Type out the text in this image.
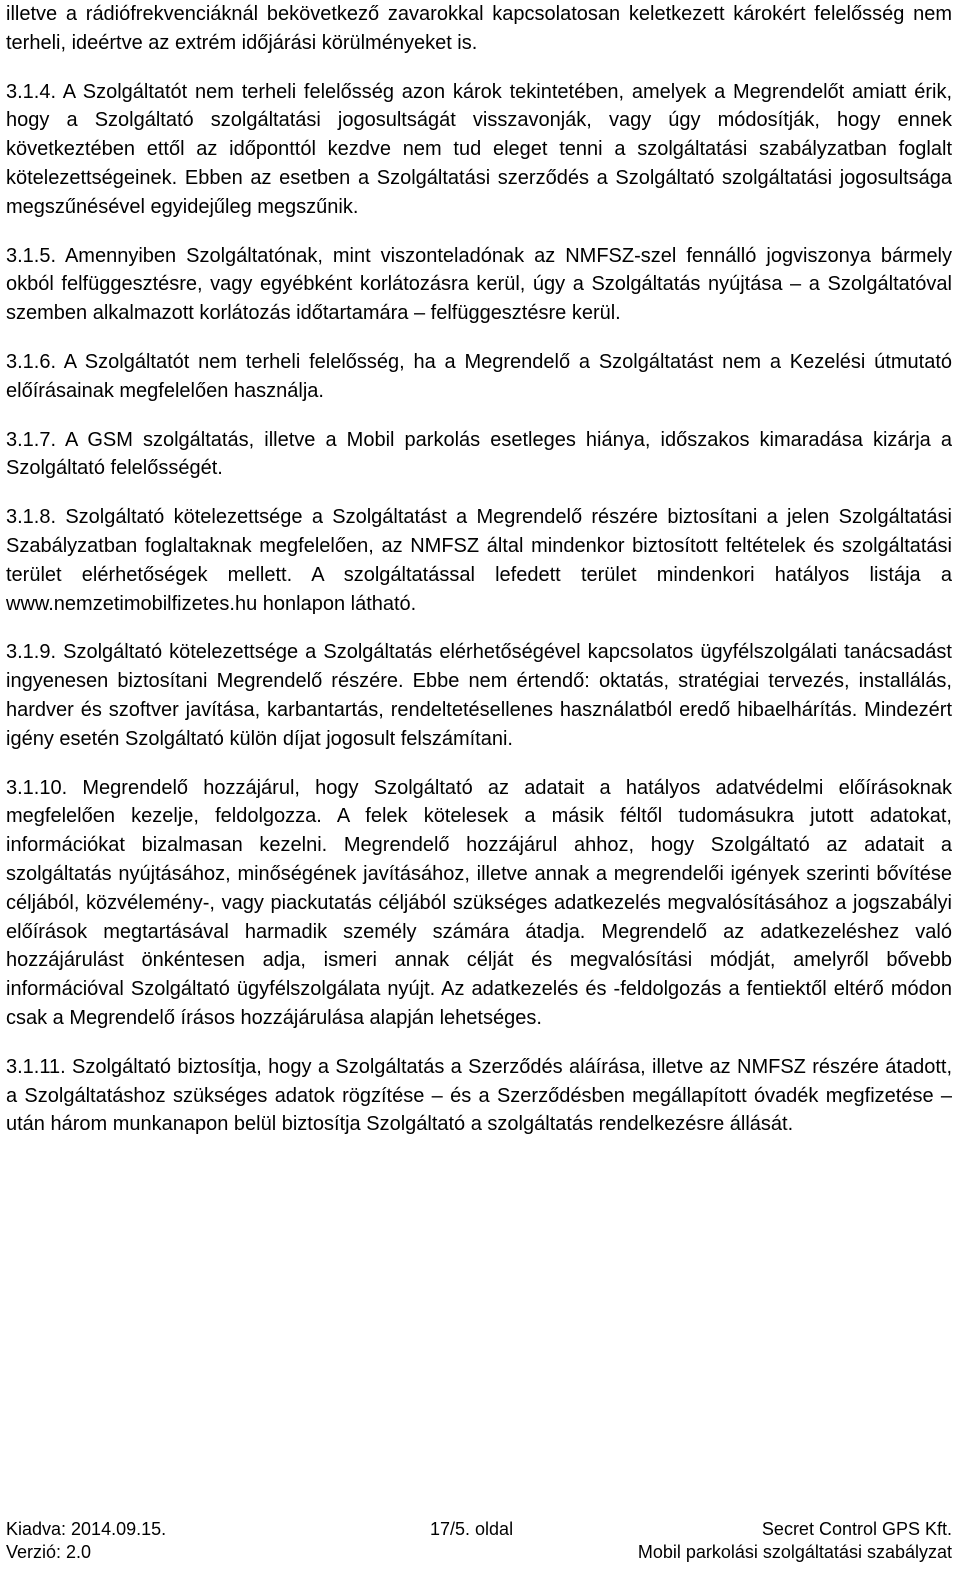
illetve a rádiófrekvenciáknál bekövetkező zavarokkal kapcsolatosan keletkezett károkért felelősség nem terheli, ideértve az extrém időjárási körülményeket is.

3.1.4. A Szolgáltatót nem terheli felelősség azon károk tekintetében, amelyek a Megrendelőt amiatt érik, hogy a Szolgáltató szolgáltatási jogosultságát visszavonják, vagy úgy módosítják, hogy ennek következtében ettől az időponttól kezdve nem tud eleget tenni a szolgáltatási szabályzatban foglalt kötelezettségeinek. Ebben az esetben a Szolgáltatási szerződés a Szolgáltató szolgáltatási jogosultsága megszűnésével egyidejűleg megszűnik.

3.1.5. Amennyiben Szolgáltatónak, mint viszonteladónak az NMFSZ-szel fennálló jogviszonya bármely okból felfüggesztésre, vagy egyébként korlátozásra kerül, úgy a Szolgáltatás nyújtása – a Szolgáltatóval szemben alkalmazott korlátozás időtartamára – felfüggesztésre kerül.

3.1.6. A Szolgáltatót nem terheli felelősség, ha a Megrendelő a Szolgáltatást nem a Kezelési útmutató előírásainak megfelelően használja.

3.1.7. A GSM szolgáltatás, illetve a Mobil parkolás esetleges hiánya, időszakos kimaradása kizárja a Szolgáltató felelősségét.

3.1.8. Szolgáltató kötelezettsége a Szolgáltatást a Megrendelő részére biztosítani a jelen Szolgáltatási Szabályzatban foglaltaknak megfelelően, az NMFSZ által mindenkor biztosított feltételek és szolgáltatási terület elérhetőségek mellett. A szolgáltatással lefedett terület mindenkori hatályos listája a www.nemzetimobilfizetes.hu honlapon látható.

3.1.9. Szolgáltató kötelezettsége a Szolgáltatás elérhetőségével kapcsolatos ügyfélszolgálati tanácsadást ingyenesen biztosítani Megrendelő részére. Ebbe nem értendő: oktatás, stratégiai tervezés, installálás, hardver és szoftver javítása, karbantartás, rendeltetésellenes használatból eredő hibaelhárítás. Mindezért igény esetén Szolgáltató külön díjat jogosult felszámítani.

3.1.10. Megrendelő hozzájárul, hogy Szolgáltató az adatait a hatályos adatvédelmi előírásoknak megfelelően kezelje, feldolgozza. A felek kötelesek a másik féltől tudomásukra jutott adatokat, információkat bizalmasan kezelni. Megrendelő hozzájárul ahhoz, hogy Szolgáltató az adatait a szolgáltatás nyújtásához, minőségének javításához, illetve annak a megrendelői igények szerinti bővítése céljából, közvélemény-, vagy piackutatás céljából szükséges adatkezelés megvalósításához a jogszabályi előírások megtartásával harmadik személy számára átadja. Megrendelő az adatkezeléshez való hozzájárulást önkéntesen adja, ismeri annak célját és megvalósítási módját, amelyről bővebb információval Szolgáltató ügyfélszolgálata nyújt. Az adatkezelés és -feldolgozás a fentiektől eltérő módon csak a Megrendelő írásos hozzájárulása alapján lehetséges.

3.1.11. Szolgáltató biztosítja, hogy a Szolgáltatás a Szerződés aláírása, illetve az NMFSZ részére átadott, a Szolgáltatáshoz szükséges adatok rögzítése – és a Szerződésben megállapított óvadék megfizetése – után három munkanapon belül biztosítja Szolgáltató a szolgáltatás rendelkezésre állását.

Kiadva: 2014.09.15.	17/5. oldal	Secret Control GPS Kft.
Verzió: 2.0	Mobil parkolási szolgáltatási szabályzat
